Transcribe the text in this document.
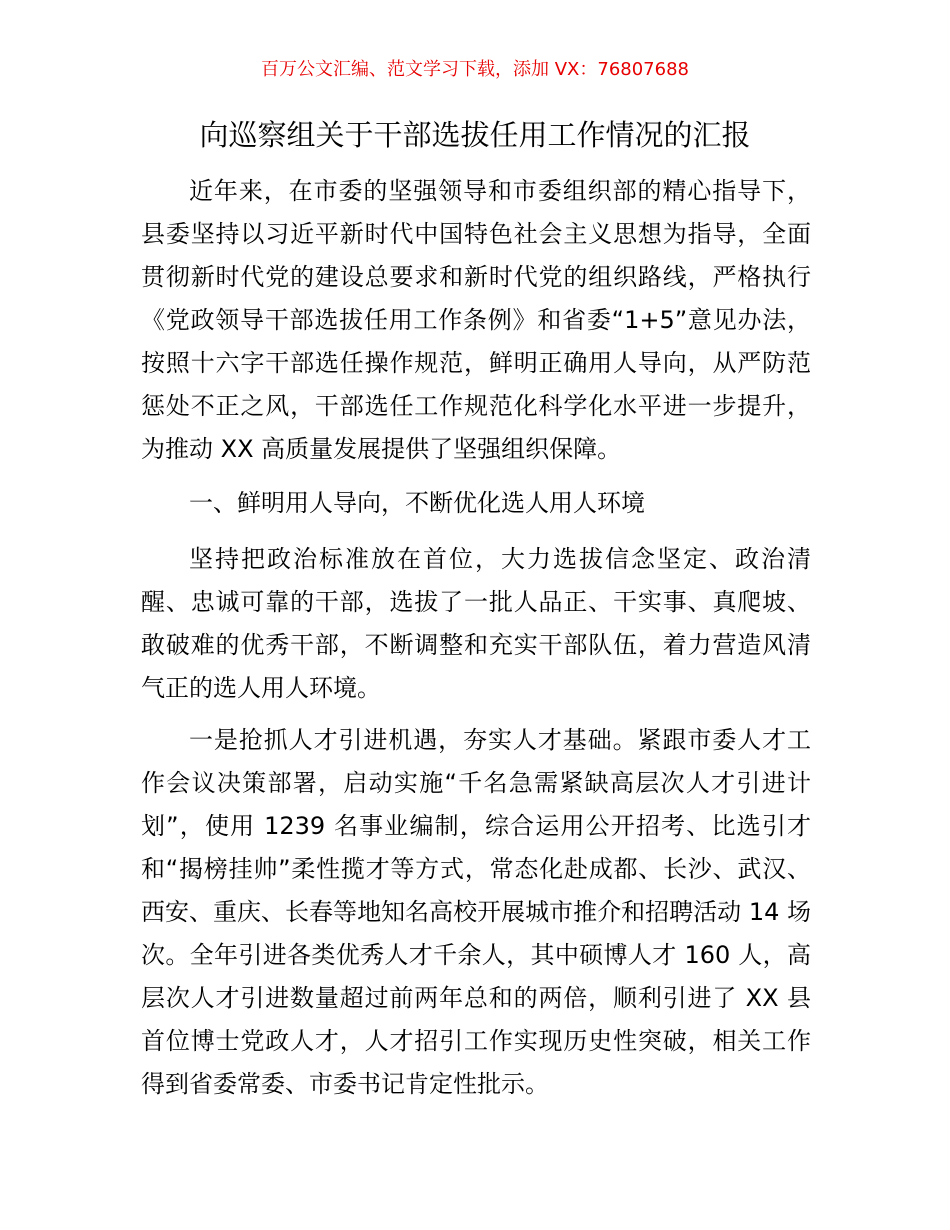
百万公文汇编、范文学习下载，添加 VX：76807688
向巡察组关于干部选拔任用工作情况的汇报

近年来，在市委的坚强领导和市委组织部的精心指导下，县委坚持以习近平新时代中国特色社会主义思想为指导，全面贯彻新时代党的建设总要求和新时代党的组织路线，严格执行《党政领导干部选拔任用工作条例》和省委“1+5”意见办法，按照十六字干部选任操作规范，鲜明正确用人导向，从严防范惩处不正之风，干部选任工作规范化科学化水平进一步提升，为推动 XX 高质量发展提供了坚强组织保障。

一、鲜明用人导向，不断优化选人用人环境

坚持把政治标准放在首位，大力选拔信念坚定、政治清醒、忠诚可靠的干部，选拔了一批人品正、干实事、真爬坡、敢破难的优秀干部，不断调整和充实干部队伍，着力营造风清气正的选人用人环境。

一是抢抓人才引进机遇，夯实人才基础。紧跟市委人才工作会议决策部署，启动实施“千名急需紧缺高层次人才引进计划”，使用 1239 名事业编制，综合运用公开招考、比选引才和“揭榜挂帅”柔性揽才等方式，常态化赴成都、长沙、武汉、西安、重庆、长春等地知名高校开展城市推介和招聘活动 14 场次。全年引进各类优秀人才千余人，其中硕博人才 160 人，高层次人才引进数量超过前两年总和的两倍，顺利引进了 XX 县首位博士党政人才，人才招引工作实现历史性突破，相关工作得到省委常委、市委书记肯定性批示。
